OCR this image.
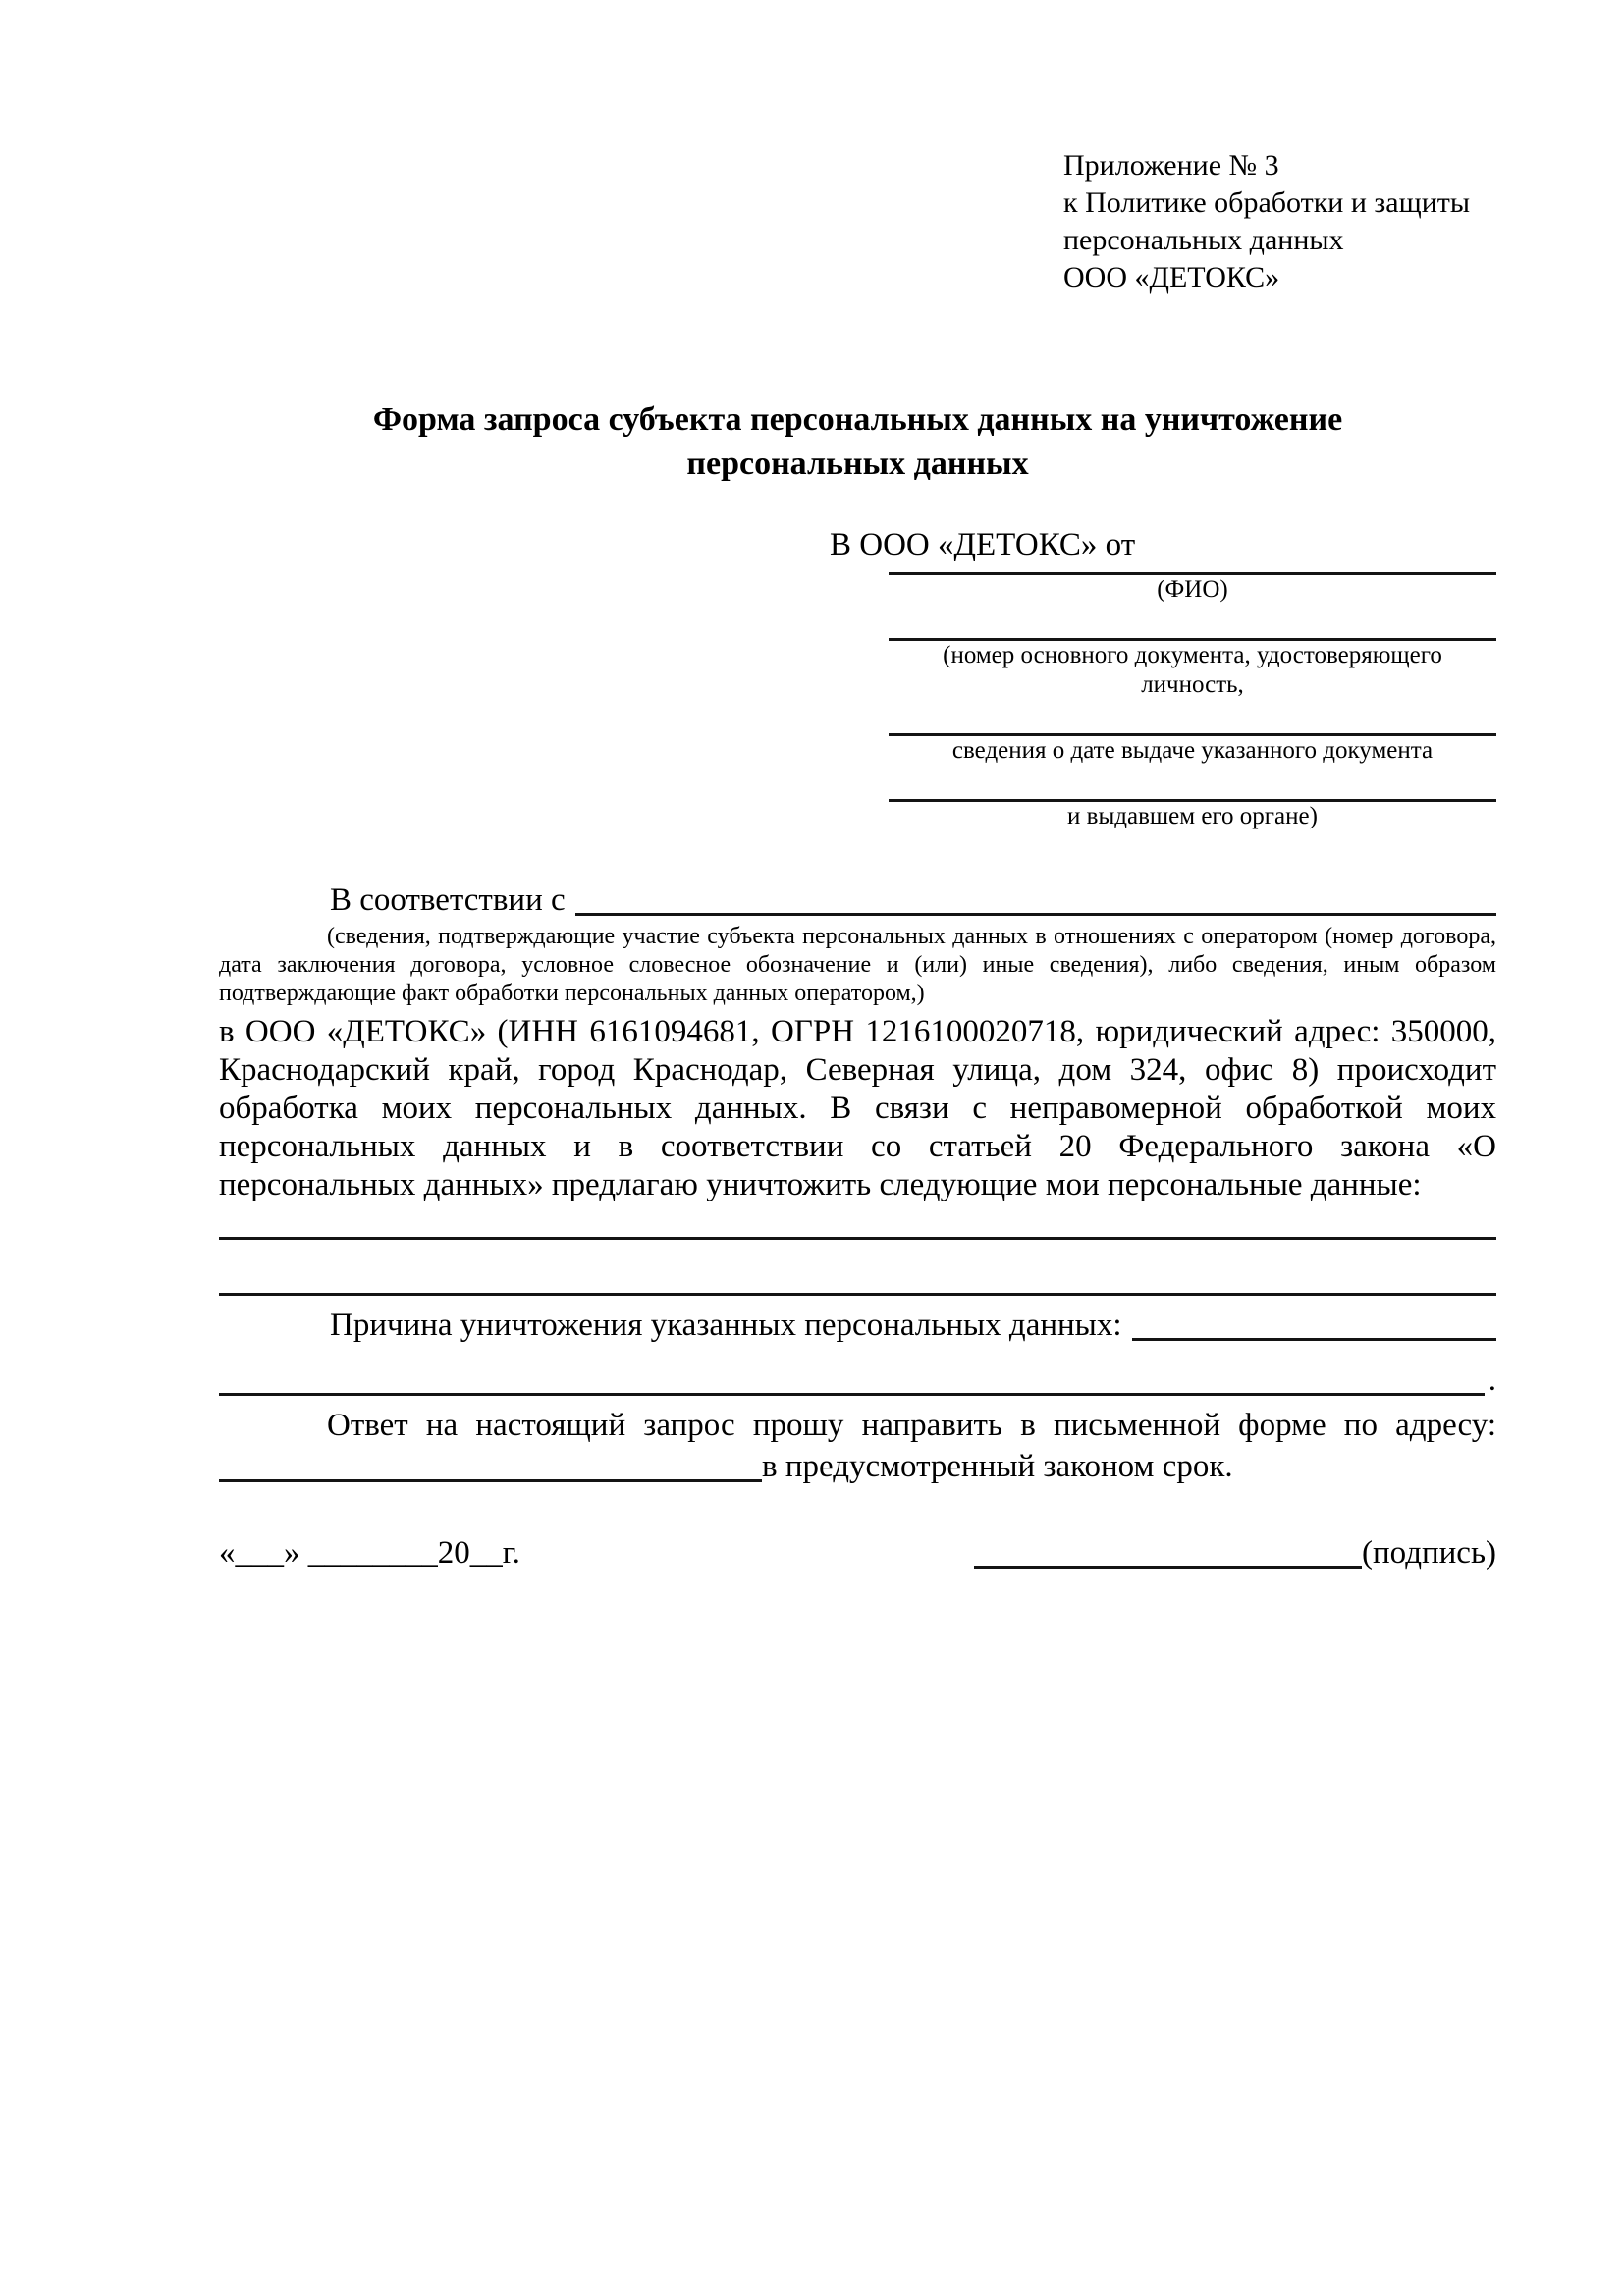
Приложение № 3
к Политике обработки и защиты
персональных данных
ООО «ДЕТОКС»
Форма запроса субъекта персональных данных на уничтожение персональных данных
В ООО «ДЕТОКС» от
(ФИО)
(номер основного документа, удостоверяющего личность,
сведения о дате выдаче указанного документа
и выдавшем его органе)
В соответствии с
(сведения, подтверждающие участие субъекта персональных данных в отношениях с оператором (номер договора, дата заключения договора, условное словесное обозначение и (или) иные сведения), либо сведения, иным образом подтверждающие факт обработки персональных данных оператором,)
в ООО «ДЕТОКС» (ИНН 6161094681, ОГРН 1216100020718, юридический адрес: 350000, Краснодарский край, город Краснодар, Северная улица, дом 324, офис 8) происходит обработка моих персональных данных. В связи с неправомерной обработкой моих персональных данных и в соответствии со статьей 20 Федерального закона «О персональных данных» предлагаю уничтожить следующие мои персональные данные:
Причина уничтожения указанных персональных данных:
.
Ответ на настоящий запрос прошу направить в письменной форме по адресу:
в предусмотренный законом срок.
«___» ________20__г.	(подпись)
